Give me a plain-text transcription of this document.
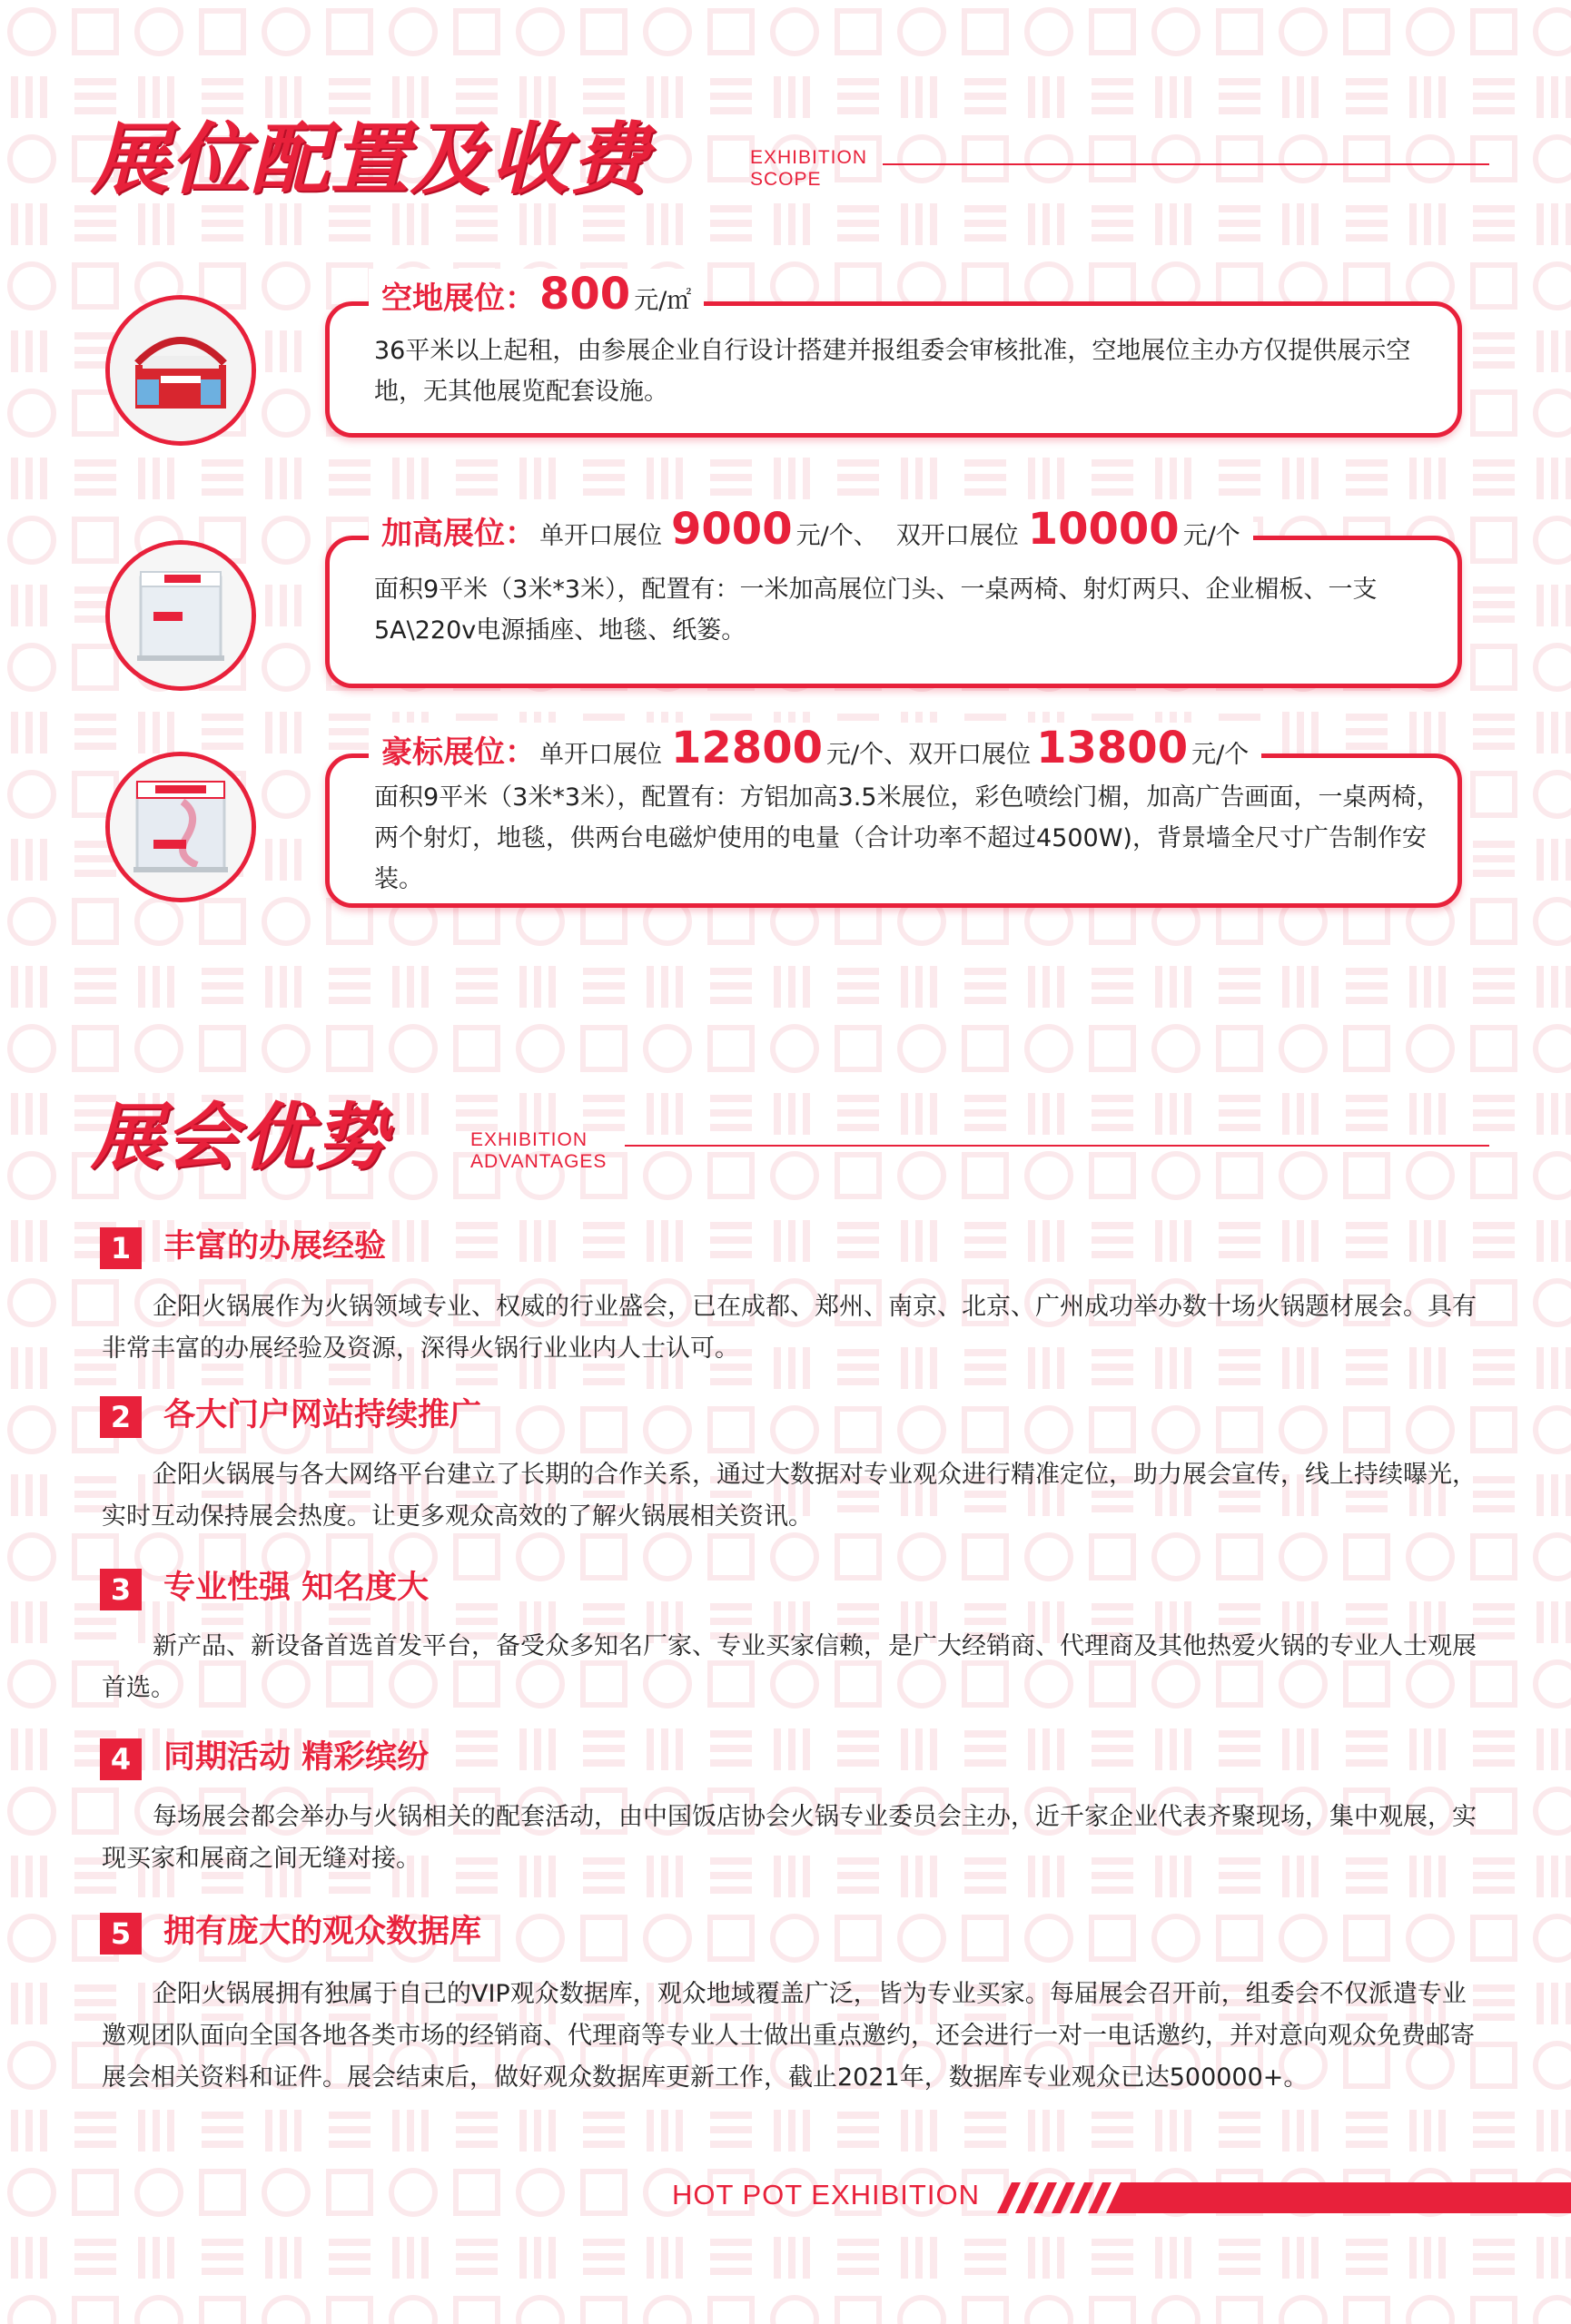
展位配置及收费	EXHIBITION
SCOPE
空地展位： 800 元/㎡
36平米以上起租，由参展企业自行设计搭建并报组委会审核批准，空地展位主办方仅提供展示空地，无其他展览配套设施。
加高展位： 单开口展位 9000 元/个、 双开口展位 10000 元/个
面积9平米（3米*3米），配置有：一米加高展位门头、一桌两椅、射灯两只、企业楣板、一支5A\220v电源插座、地毯、纸篓。
豪标展位： 单开口展位 12800 元/个、 双开口展位 13800 元/个
面积9平米（3米*3米），配置有：方铝加高3.5米展位，彩色喷绘门楣，加高广告画面，一桌两椅，两个射灯，地毯，供两台电磁炉使用的电量（合计功率不超过4500W)，背景墙全尺寸广告制作安装。
展会优势	EXHIBITION
ADVANTAGES
1	丰富的办展经验
企阳火锅展作为火锅领域专业、权威的行业盛会，已在成都、郑州、南京、北京、广州成功举办数十场火锅题材展会。具有非常丰富的办展经验及资源，深得火锅行业业内人士认可。
2	各大门户网站持续推广
企阳火锅展与各大网络平台建立了长期的合作关系，通过大数据对专业观众进行精准定位，助力展会宣传，线上持续曝光，实时互动保持展会热度。让更多观众高效的了解火锅展相关资讯。
3	专业性强 知名度大
新产品、新设备首选首发平台，备受众多知名厂家、专业买家信赖，是广大经销商、代理商及其他热爱火锅的专业人士观展首选。
4	同期活动 精彩缤纷
每场展会都会举办与火锅相关的配套活动，由中国饭店协会火锅专业委员会主办，近千家企业代表齐聚现场，集中观展，实现买家和展商之间无缝对接。
5	拥有庞大的观众数据库
企阳火锅展拥有独属于自己的VIP观众数据库，观众地域覆盖广泛，皆为专业买家。每届展会召开前，组委会不仅派遣专业邀观团队面向全国各地各类市场的经销商、代理商等专业人士做出重点邀约，还会进行一对一电话邀约，并对意向观众免费邮寄展会相关资料和证件。展会结束后，做好观众数据库更新工作，截止2021年，数据库专业观众已达500000+。
HOT POT EXHIBITION
